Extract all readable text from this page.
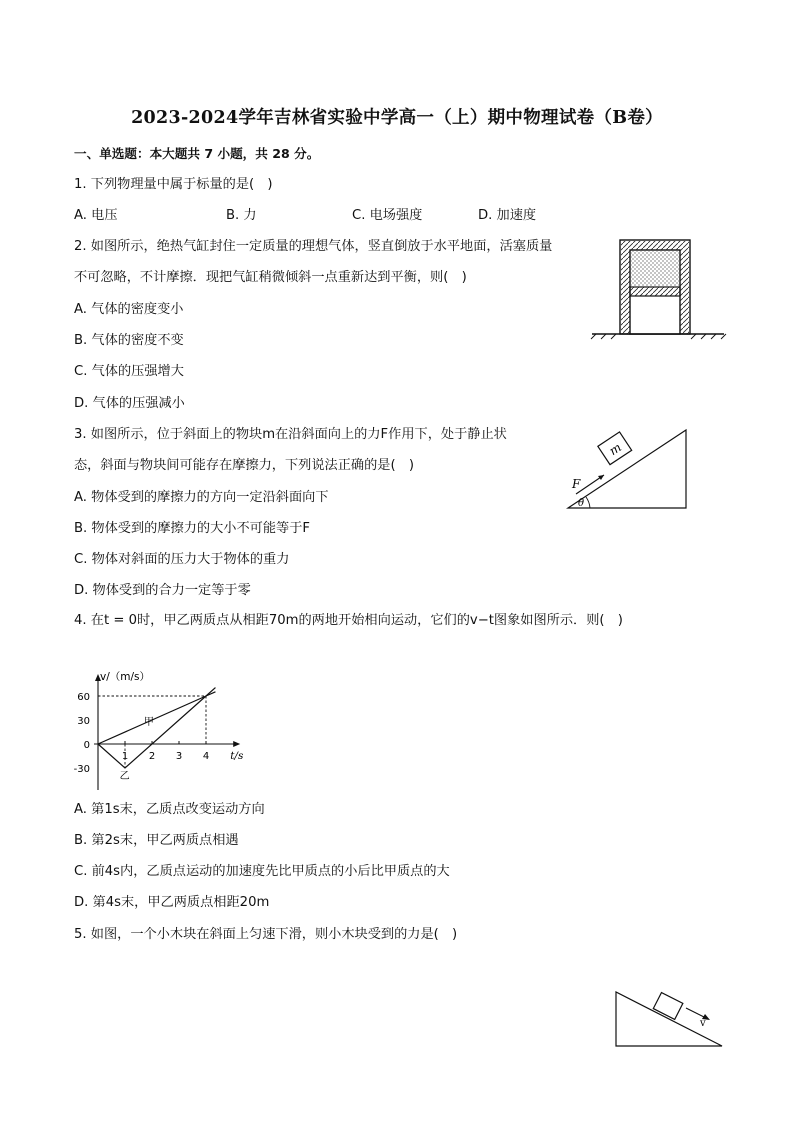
2023-2024学年吉林省实验中学高一（上）期中物理试卷（B卷）
一、单选题：本大题共 7 小题，共 28 分。
1. 下列物理量中属于标量的是(　)
A. 电压	B. 力	C. 电场强度	D. 加速度
2. 如图所示，绝热气缸封住一定质量的理想气体，竖直倒放于水平地面，活塞质量
不可忽略，不计摩擦．现把气缸稍微倾斜一点重新达到平衡，则(　)
A. 气体的密度变小
B. 气体的密度不变
C. 气体的压强增大
D. 气体的压强减小
3. 如图所示，位于斜面上的物块m在沿斜面向上的力F作用下，处于静止状
态，斜面与物块间可能存在摩擦力，下列说法正确的是(　)
A. 物体受到的摩擦力的方向一定沿斜面向下
B. 物体受到的摩擦力的大小不可能等于F
C. 物体对斜面的压力大于物体的重力
D. 物体受到的合力一定等于零
m
F
θ
4. 在t = 0时，甲乙两质点从相距70m的两地开始相向运动，它们的v−t图象如图所示．则(　)
v/（m/s）
t/s
60
30
0
-30
1 2 3 4
甲
乙
A. 第1s末，乙质点改变运动方向
B. 第2s末，甲乙两质点相遇
C. 前4s内，乙质点运动的加速度先比甲质点的小后比甲质点的大
D. 第4s末，甲乙两质点相距20m
5. 如图，一个小木块在斜面上匀速下滑，则小木块受到的力是(　)
v
